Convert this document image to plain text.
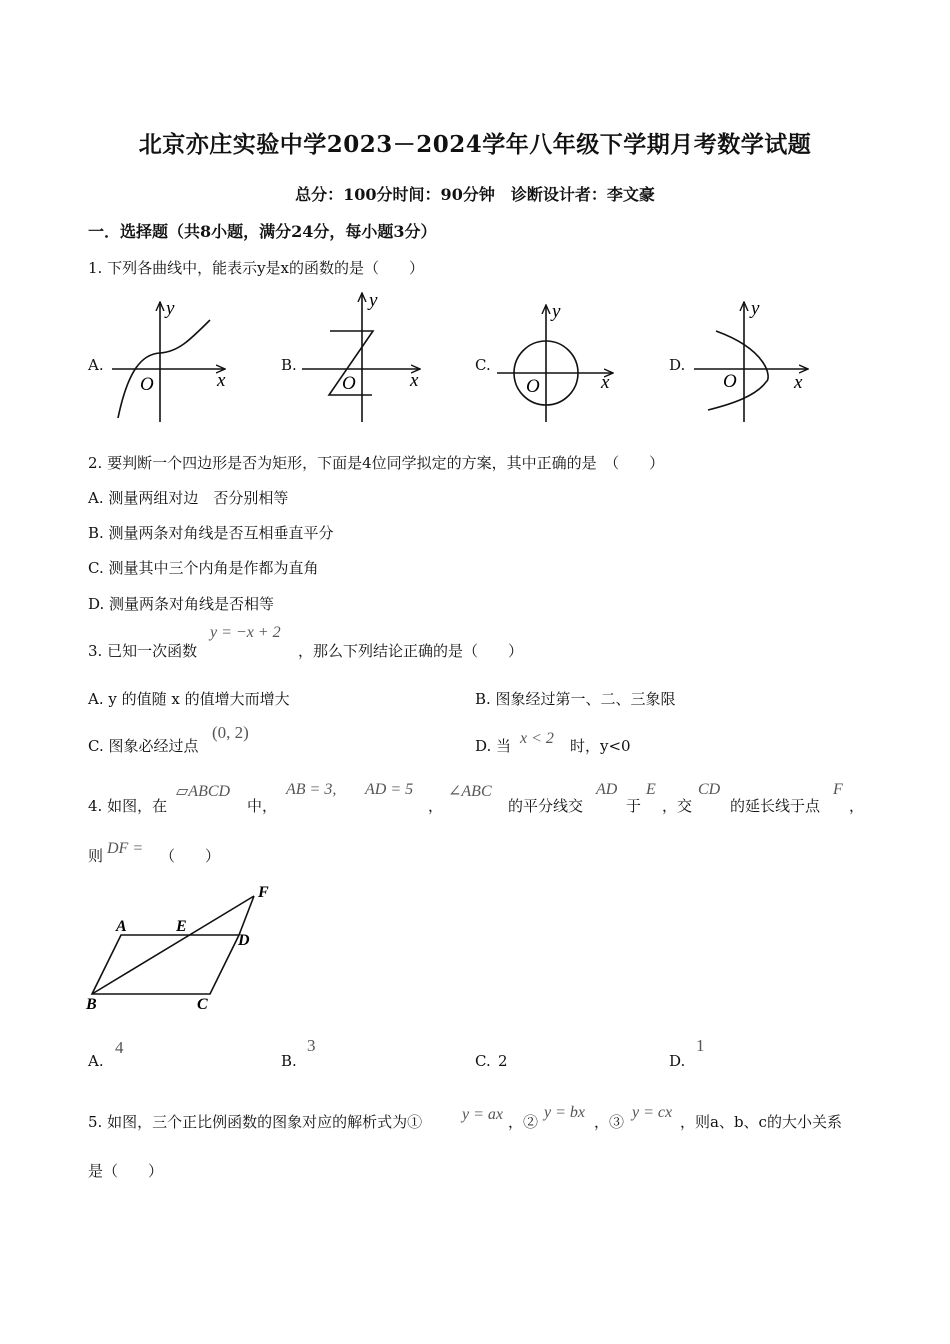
北京亦庄实验中学2023－2024学年八年级下学期月考数学试题
总分：100分时间：90分钟　诊断设计者：李文豪
一．选择题（共8小题，满分24分，每小题3分）
1. 下列各曲线中，能表示y是x的函数的是（　　）
A.	B.	C.	D.
y
x
O
y
x
O
y
x
O
y
x
O
2. 要判断一个四边形是否为矩形，下面是4位同学拟定的方案，其中正确的是　（　　）
A. 测量两组对边　否分别相等
B. 测量两条对角线是否互相垂直平分
C. 测量其中三个内角是作都为直角
D. 测量两条对角线是否相等
3. 已知一次函数
y = −x + 2
，那么下列结论正确的是（　　）
A. y 的值随 x 的值增大而增大	B. 图象经过第一、二、三象限
C. 图象必经过点
(0, 2)
D. 当 x < 2 时，y<0
4. 如图，在
▱ABCD
中，
AB = 3, AD = 5
，
∠ABC
的平分线交
AD
于
E
，交
CD
的延长线于点
F
，
则 DF = （　　）
A	E
D
F
B	C
A.
4
B.
3
C. 2	D.
1
5. 如图，三个正比例函数的图象对应的解析式为① y = ax ，②
y = bx
，③
y = cx
，则a、b、c的大小关系
是（　　）
